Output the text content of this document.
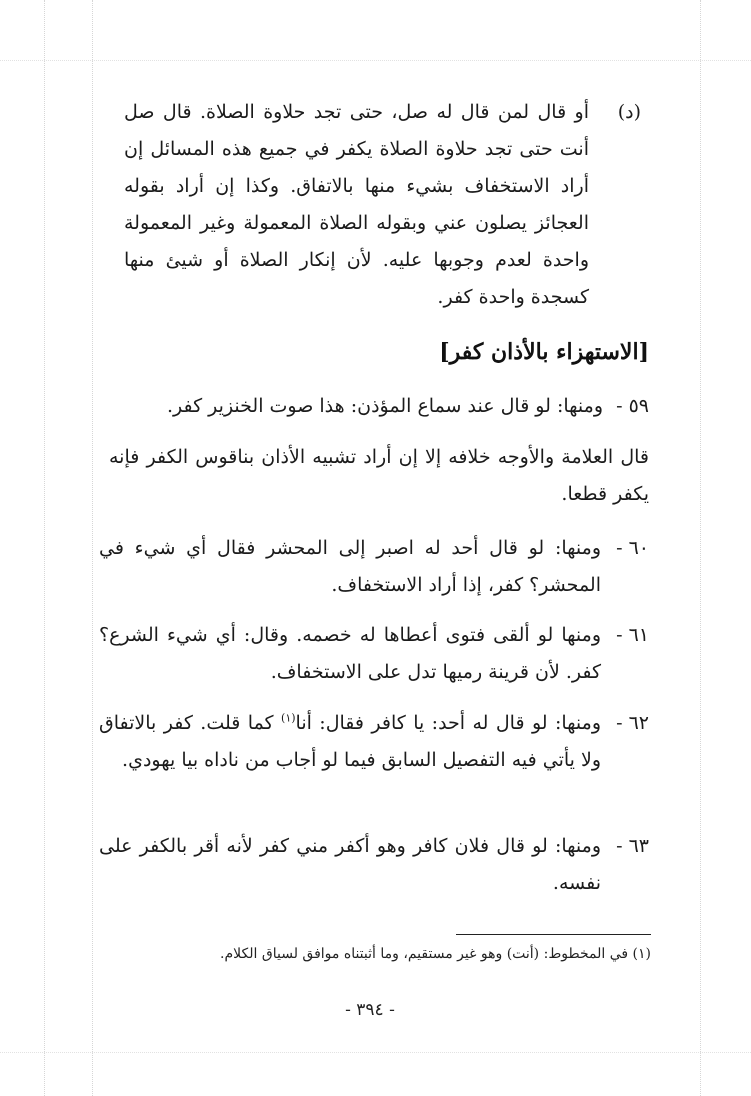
(د)

أو قال لمن قال له صل، حتى تجد حلاوة الصلاة. قال صل أنت حتى تجد حلاوة الصلاة يكفر في جميع هذه المسائل إن أراد الاستخفاف بشيء منها بالاتفاق. وكذا إن أراد بقوله العجائز يصلون عني وبقوله الصلاة المعمولة وغير المعمولة واحدة لعدم وجوبها عليه. لأن إنكار الصلاة أو شيئ منها كسجدة واحدة كفر.

[الاستهزاء بالأذان كفر]
٥٩ -

ومنها: لو قال عند سماع المؤذن: هذا صوت الخنزير كفر.

قال العلامة والأوجه خلافه إلا إن أراد تشبيه الأذان بناقوس الكفر فإنه يكفر قطعا.

٦٠ -

ومنها: لو قال أحد له اصبر إلى المحشر فقال أي شيء في المحشر؟ كفر، إذا أراد الاستخفاف.

٦١ -

ومنها لو ألقى فتوى أعطاها له خصمه. وقال: أي شيء الشرع؟ كفر. لأن قرينة رميها تدل على الاستخفاف.

٦٢ -

ومنها: لو قال له أحد: يا كافر فقال: أنا$^{(١)}$ كما قلت. كفر بالاتفاق ولا يأتي فيه التفصيل السابق فيما لو أجاب من ناداه بيا يهودي.

٦٣ -

ومنها: لو قال فلان كافر وهو أكفر مني كفر لأنه أقر بالكفر على نفسه.

(١) في المخطوط: (أنت) وهو غير مستقيم، وما أثبتناه موافق لسياق الكلام.
- ٣٩٤ -
